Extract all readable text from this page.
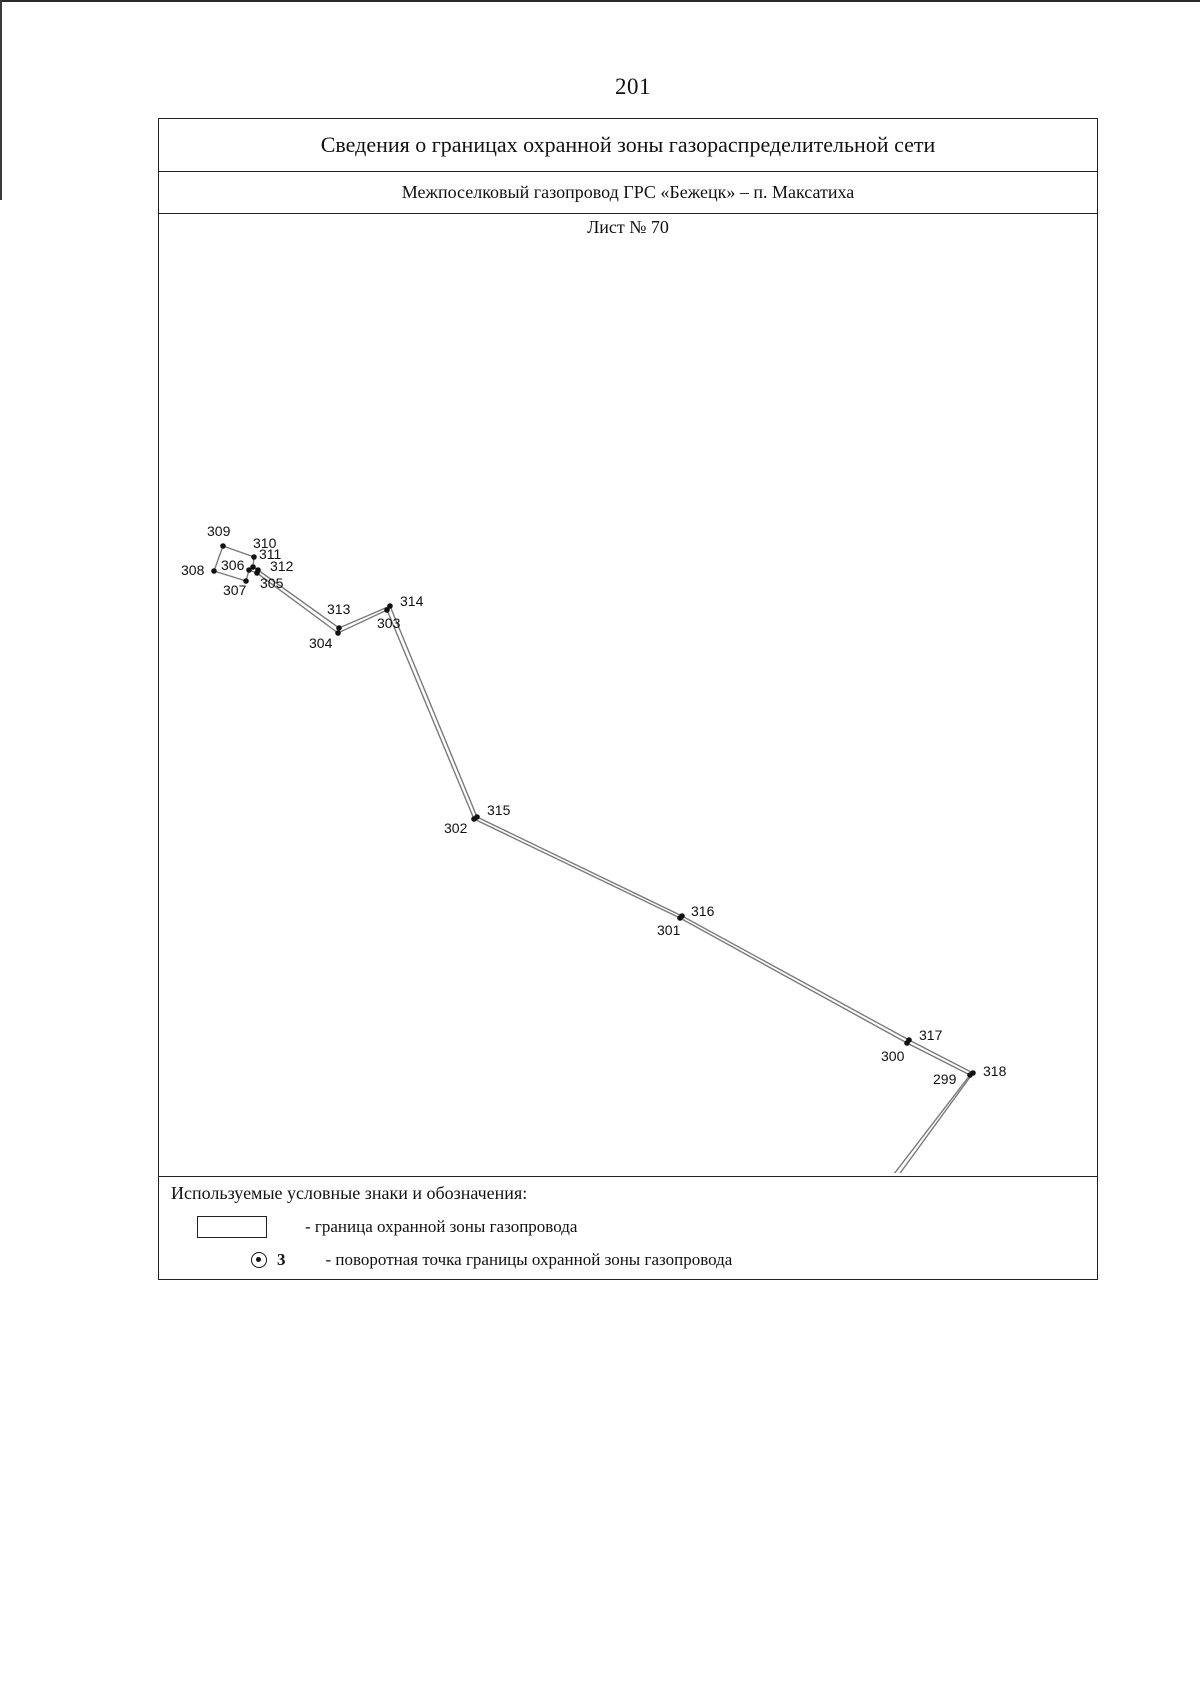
201
Сведения о границах охранной зоны газораспределительной сети
Межпоселковый газопровод ГРС «Бежецк» – п. Максатиха
299
300
301
302
303
304
305
306
307
308
309
310
311
312
313	314
315
316
317
318
Лист № 70
Используемые условные знаки и обозначения:
- граница охранной зоны газопровода
3 - поворотная точка границы охранной зоны газопровода
